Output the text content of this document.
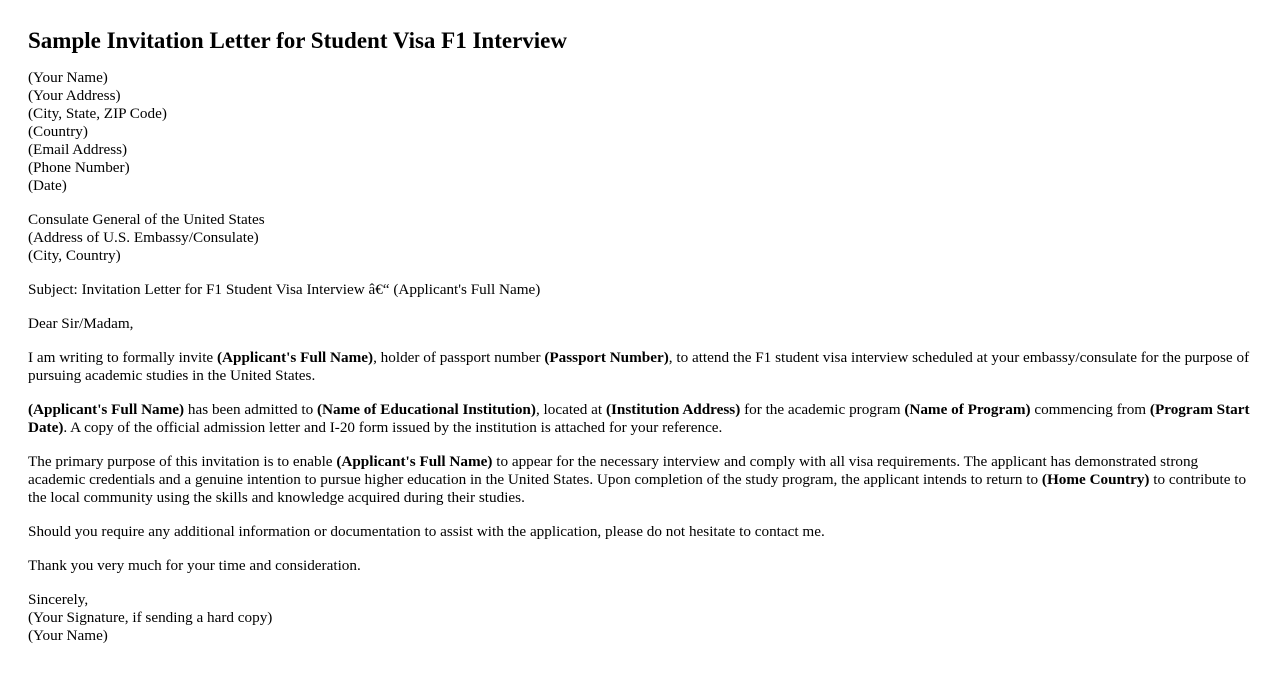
Sample Invitation Letter for Student Visa F1 Interview
(Your Name)
(Your Address)
(City, State, ZIP Code)
(Country)
(Email Address)
(Phone Number)
(Date)
Consulate General of the United States
(Address of U.S. Embassy/Consulate)
(City, Country)

Subject: Invitation Letter for F1 Student Visa Interview â€“ (Applicant's Full Name)

Dear Sir/Madam,

I am writing to formally invite (Applicant's Full Name), holder of passport number (Passport Number), to attend the F1 student visa interview scheduled at your embassy/consulate for the purpose of pursuing academic studies in the United States.

(Applicant's Full Name) has been admitted to (Name of Educational Institution), located at (Institution Address) for the academic program (Name of Program) commencing from (Program Start Date). A copy of the official admission letter and I-20 form issued by the institution is attached for your reference.

The primary purpose of this invitation is to enable (Applicant's Full Name) to appear for the necessary interview and comply with all visa requirements. The applicant has demonstrated strong academic credentials and a genuine intention to pursue higher education in the United States. Upon completion of the study program, the applicant intends to return to (Home Country) to contribute to the local community using the skills and knowledge acquired during their studies.

Should you require any additional information or documentation to assist with the application, please do not hesitate to contact me.

Thank you very much for your time and consideration.

Sincerely,
(Your Signature, if sending a hard copy)
(Your Name)
